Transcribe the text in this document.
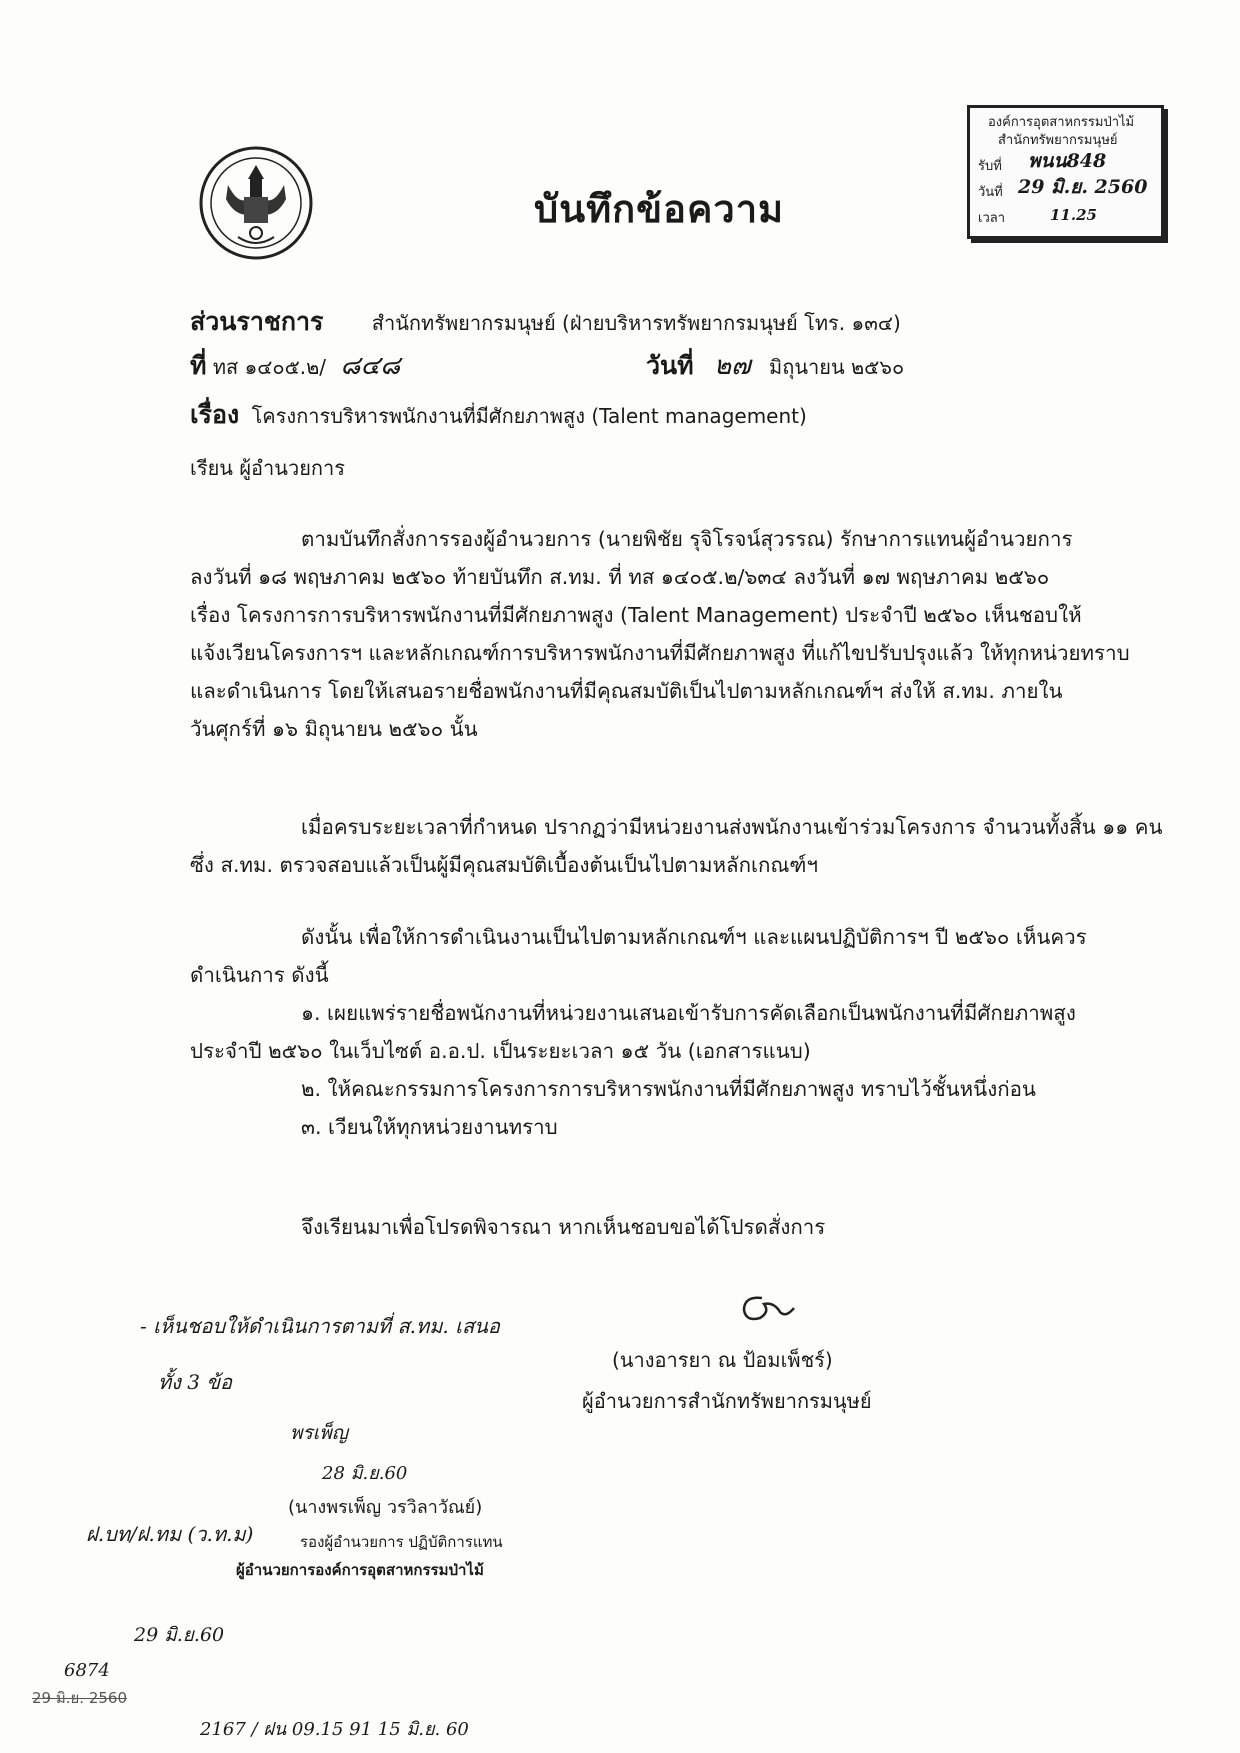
บันทึกข้อความ
องค์การอุตสาหกรรมป่าไม้
สำนักทรัพยากรมนุษย์
รับที่ พนน848
วันที่ 29 มิ.ย. 2560
เวลา	11.25
ส่วนราชการ สำนักทรัพยากรมนุษย์ (ฝ่ายบริหารทรัพยากรมนุษย์ โทร. ๑๓๔)
ที่ ทส ๑๔๐๕.๒/ ๘๔๘	วันที่ ๒๗ มิถุนายน ๒๕๖๐
เรื่อง โครงการบริหารพนักงานที่มีศักยภาพสูง (Talent management)
เรียน ผู้อำนวยการ

ตามบันทึกสั่งการรองผู้อำนวยการ (นายพิชัย รุจิโรจน์สุวรรณ) รักษาการแทนผู้อำนวยการ

ลงวันที่ ๑๘ พฤษภาคม ๒๕๖๐ ท้ายบันทึก ส.ทม. ที่ ทส ๑๔๐๕.๒/๖๓๔ ลงวันที่ ๑๗ พฤษภาคม ๒๕๖๐

เรื่อง โครงการการบริหารพนักงานที่มีศักยภาพสูง (Talent Management) ประจำปี ๒๕๖๐ เห็นชอบให้

แจ้งเวียนโครงการฯ และหลักเกณฑ์การบริหารพนักงานที่มีศักยภาพสูง ที่แก้ไขปรับปรุงแล้ว ให้ทุกหน่วยทราบ

และดำเนินการ โดยให้เสนอรายชื่อพนักงานที่มีคุณสมบัติเป็นไปตามหลักเกณฑ์ฯ ส่งให้ ส.ทม. ภายใน

วันศุกร์ที่ ๑๖ มิถุนายน ๒๕๖๐ นั้น

เมื่อครบระยะเวลาที่กำหนด ปรากฏว่ามีหน่วยงานส่งพนักงานเข้าร่วมโครงการ จำนวนทั้งสิ้น ๑๑ คน

ซึ่ง ส.ทม. ตรวจสอบแล้วเป็นผู้มีคุณสมบัติเบื้องต้นเป็นไปตามหลักเกณฑ์ฯ

ดังนั้น เพื่อให้การดำเนินงานเป็นไปตามหลักเกณฑ์ฯ และแผนปฏิบัติการฯ ปี ๒๕๖๐ เห็นควร

ดำเนินการ ดังนี้

๑. เผยแพร่รายชื่อพนักงานที่หน่วยงานเสนอเข้ารับการคัดเลือกเป็นพนักงานที่มีศักยภาพสูง

ประจำปี ๒๕๖๐ ในเว็บไซต์ อ.อ.ป. เป็นระยะเวลา ๑๕ วัน (เอกสารแนบ)

๒. ให้คณะกรรมการโครงการการบริหารพนักงานที่มีศักยภาพสูง ทราบไว้ชั้นหนึ่งก่อน

๓. เวียนให้ทุกหน่วยงานทราบ

จึงเรียนมาเพื่อโปรดพิจารณา หากเห็นชอบขอได้โปรดสั่งการ

(นางอารยา ณ ป้อมเพ็ชร์)
ผู้อำนวยการสำนักทรัพยากรมนุษย์
- เห็นชอบให้ดำเนินการตามที่ ส.ทม. เสนอ
ทั้ง 3 ข้อ
พรเพ็ญ
28 มิ.ย.60
(นางพรเพ็ญ วรวิลาวัณย์)
รองผู้อำนวยการ ปฏิบัติการแทน
ผู้อำนวยการองค์การอุตสาหกรรมป่าไม้
ฝ.บท/ฝ.ทม (ว.ท.ม)
29 มิ.ย.60
6874
29 มิ.ย. 2560
2167 / ฝน 09.15 91 15 มิ.ย. 60
